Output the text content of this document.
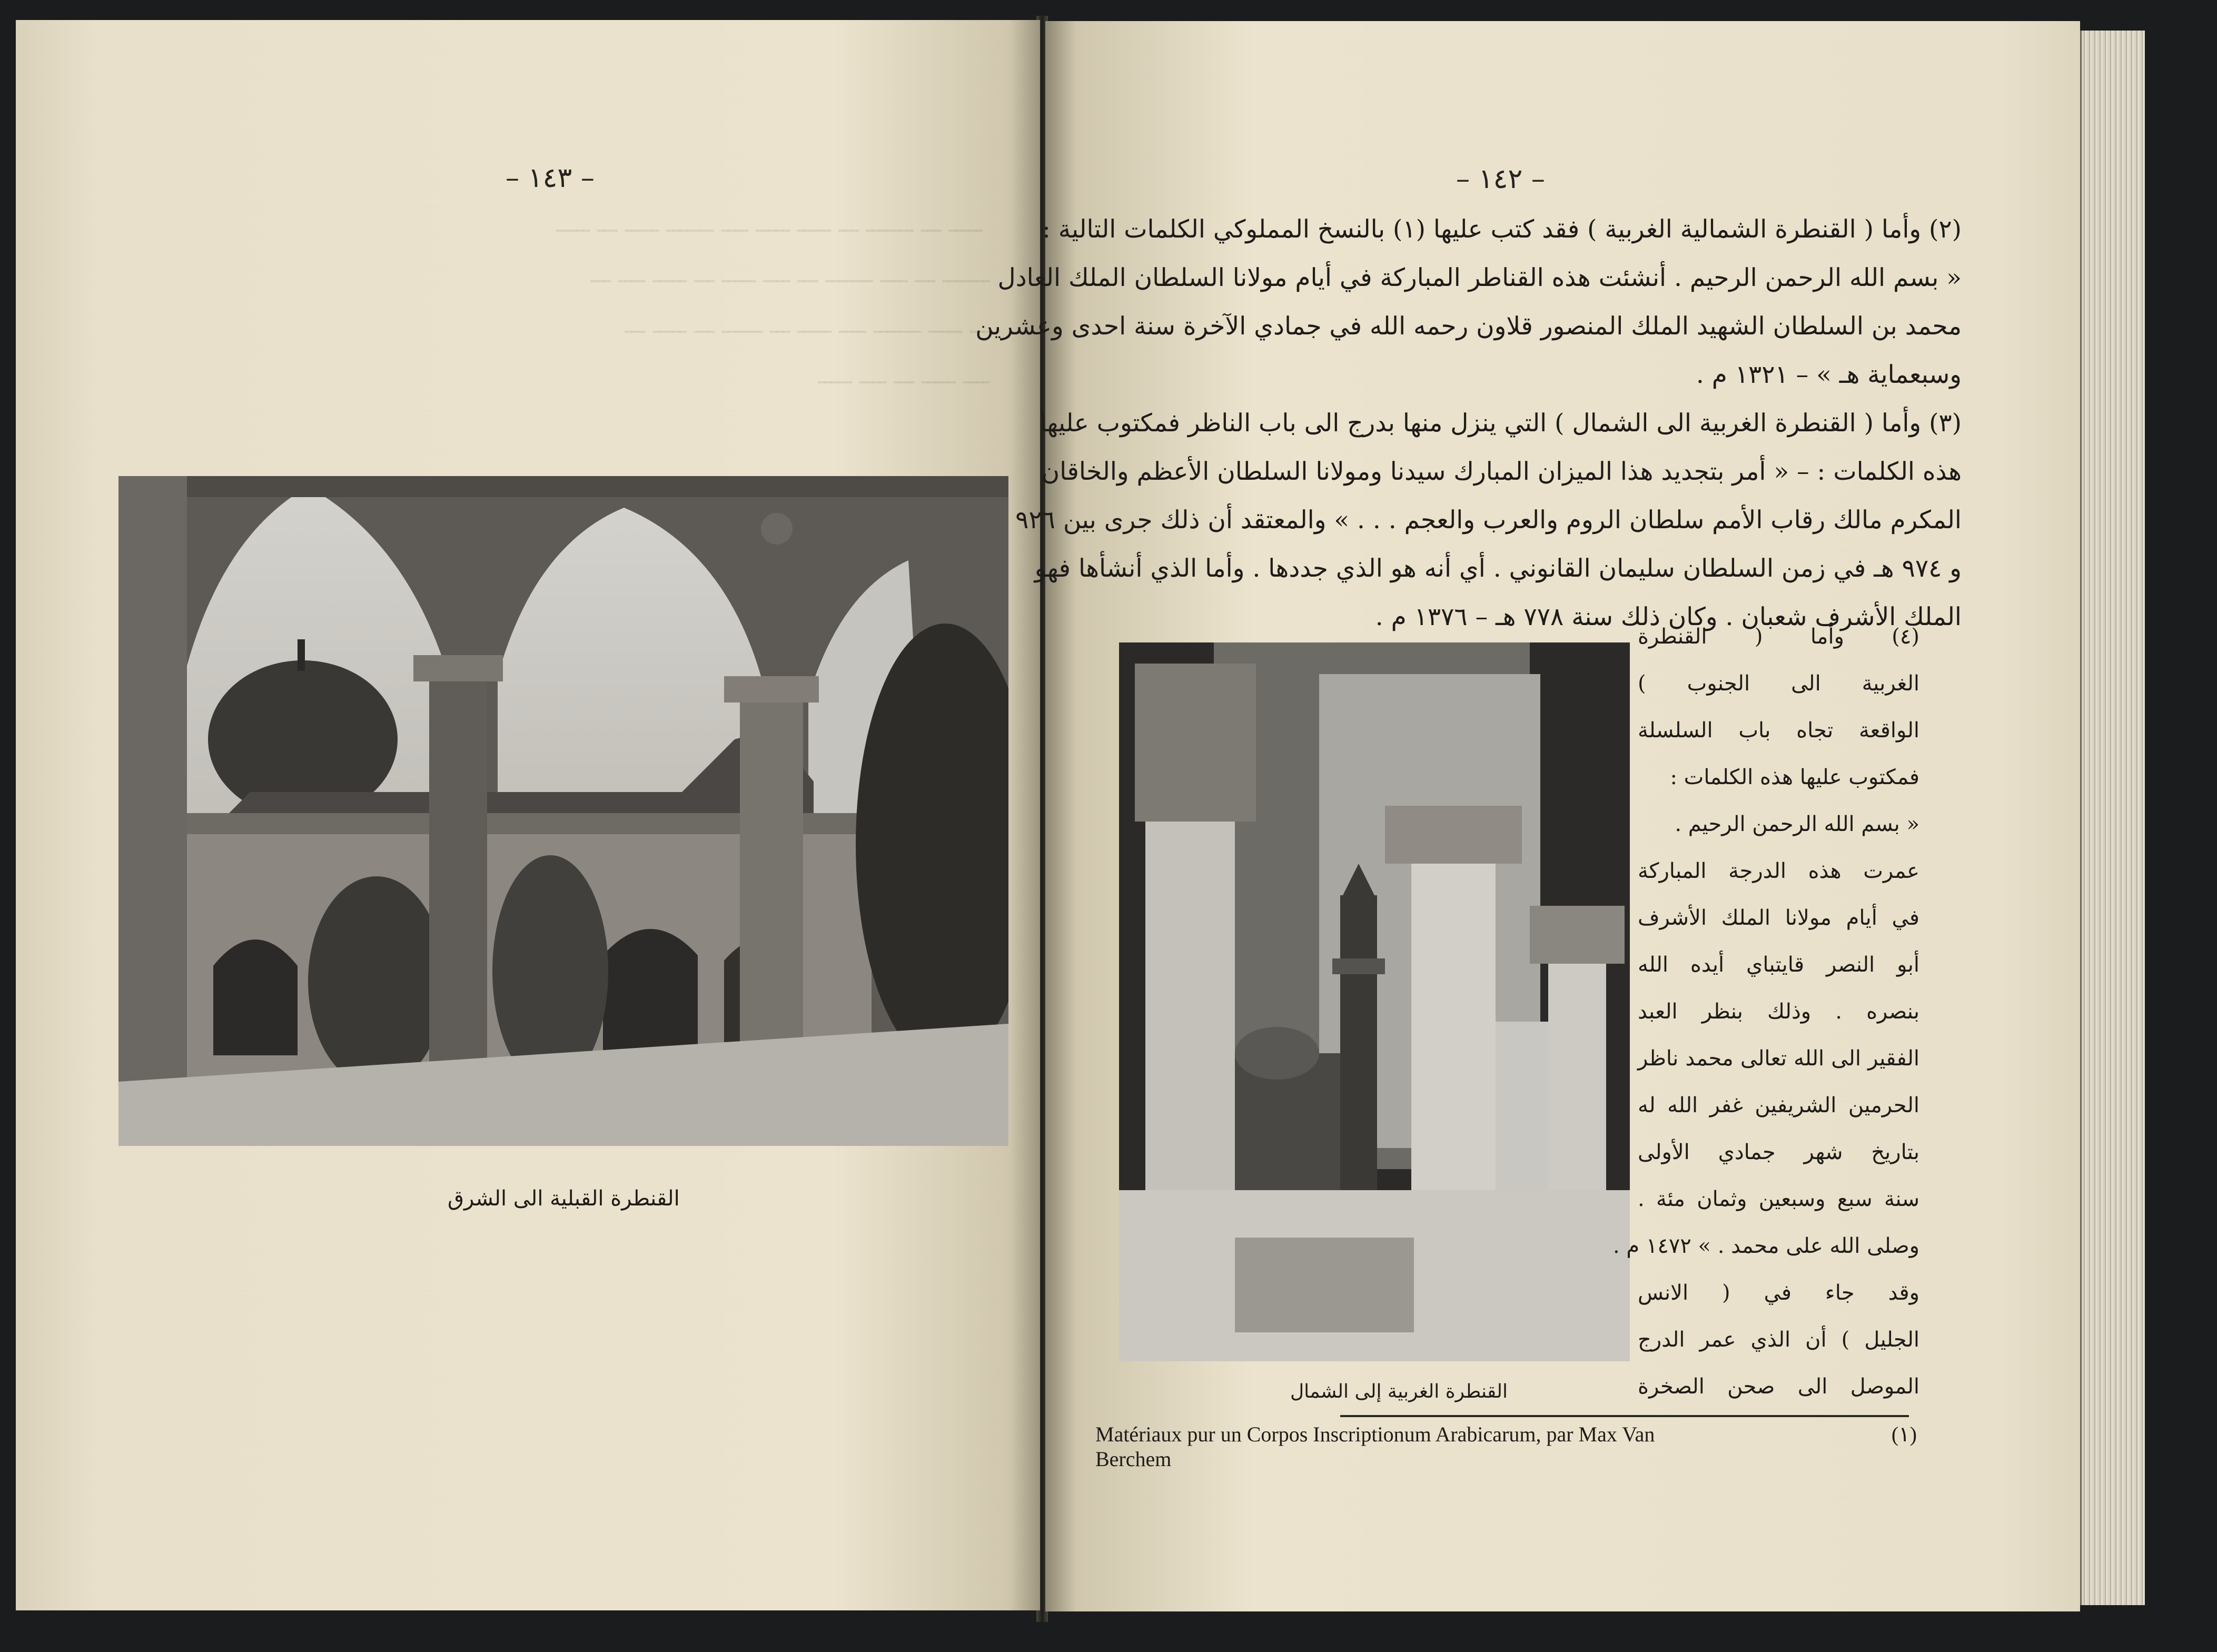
– ١٤٣ –
﻿ ـــــ ـــ ـــــــ ـــ ـــــ ـــــ ــــ ـــــــ ـــــ ـــ ـــــ
ـــــــ ـــ ــــ ـــــــ ـــ ــــ ـــــ ـــ ـــــ ــــ ـــ
ـــ ـــــ ـــــــ ــــ ـــــ ـــ ــــــ ـــ ـــــ ـــ
ــــ ـــــ ـــ ــــ ـــــ
القنطرة القبلية الى الشرق
– ١٤٢ –
(٢) وأما ( القنطرة الشمالية الغربية ) فقد كتب عليها (١) بالنسخ المملوكي الكلمات التالية :
« بسم الله الرحمن الرحيم . أنشئت هذه القناطر المباركة في أيام مولانا السلطان الملك العادل
محمد بن السلطان الشهيد الملك المنصور قلاون رحمه الله في جمادي الآخرة سنة احدى وعشرين
وسبعماية هـ » – ١٣٢١ م .
(٣) وأما ( القنطرة الغربية الى الشمال ) التي ينزل منها بدرج الى باب الناظر فمكتوب عليها
هذه الكلمات : – « أمر بتجديد هذا الميزان المبارك سيدنا ومولانا السلطان الأعظم والخاقان
المكرم مالك رقاب الأمم سلطان الروم والعرب والعجم . . . » والمعتقد أن ذلك جرى بين ٩٢٦
و ٩٧٤ هـ في زمن السلطان سليمان القانوني . أي أنه هو الذي جددها . وأما الذي أنشأها فهو
الملك الأشرف شعبان . وكان ذلك سنة ٧٧٨ هـ – ١٣٧٦ م .
القنطرة الغربية إلى الشمال
(٤) وأما ( القنطرة
الغربية الى الجنوب )
الواقعة تجاه باب السلسلة
فمكتوب عليها هذه الكلمات :
« بسم الله الرحمن الرحيم .
عمرت هذه الدرجة المباركة
في أيام مولانا الملك الأشرف
أبو النصر قايتباي أيده الله
بنصره . وذلك بنظر العبد
الفقير الى الله تعالى محمد ناظر
الحرمين الشريفين غفر الله له
بتاريخ شهر جمادي الأولى
سنة سبع وسبعين وثمان مئة .
وصلى الله على محمد . » ١٤٧٢ م .
وقد جاء في ( الانس
الجليل ) أن الذي عمر الدرج
الموصل الى صحن الصخرة
Matériaux pur un Corpos Inscriptionum Arabicarum, par Max Van	(١)
Berchem
